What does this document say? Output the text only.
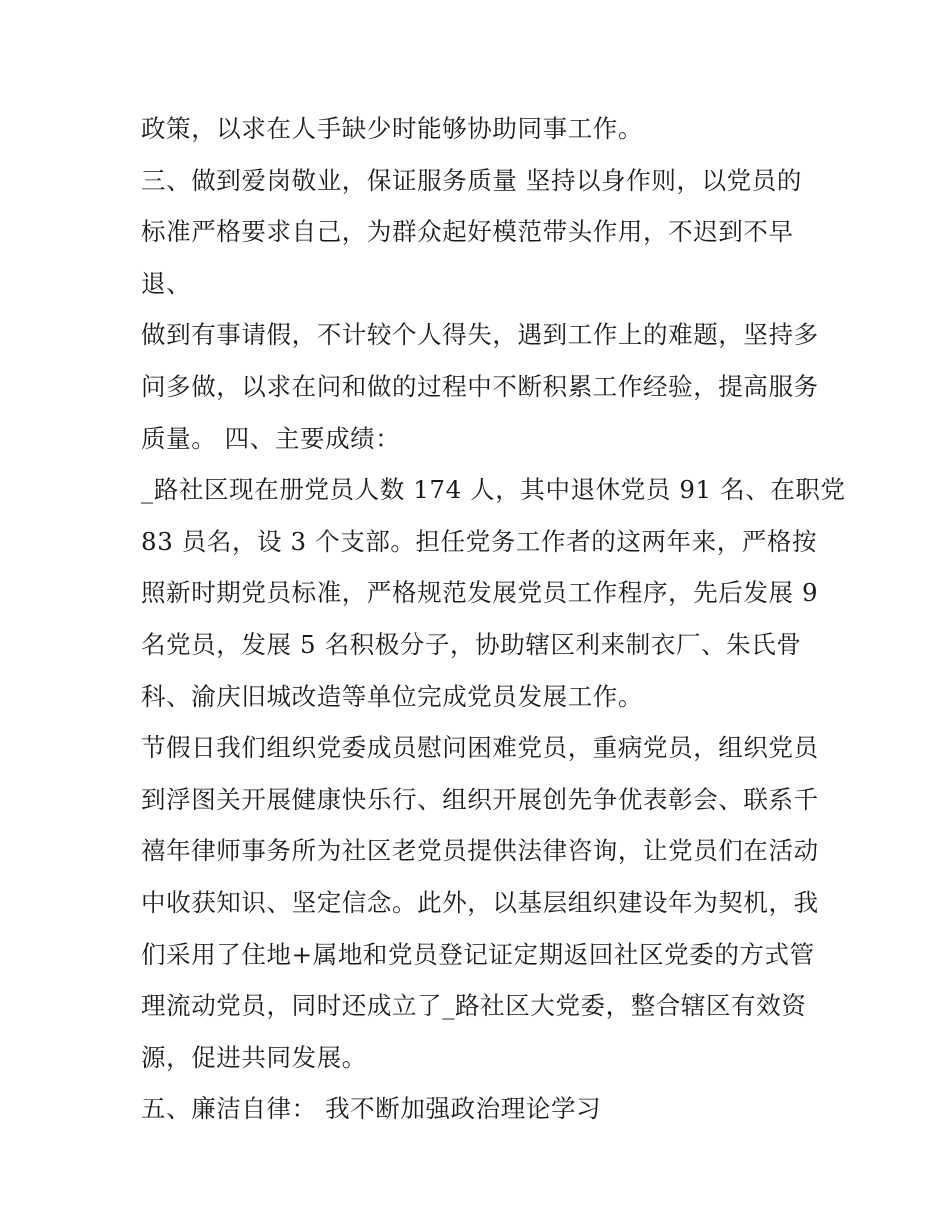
政策，以求在人手缺少时能够协助同事工作。
三、做到爱岗敬业，保证服务质量 坚持以身作则，以党员的
标准严格要求自己，为群众起好模范带头作用，不迟到不早
退、
做到有事请假，不计较个人得失，遇到工作上的难题，坚持多
问多做，以求在问和做的过程中不断积累工作经验，提高服务
质量。 四、主要成绩：
_路社区现在册党员人数 174 人，其中退休党员 91 名、在职党
83 员名，设 3 个支部。担任党务工作者的这两年来，严格按
照新时期党员标准，严格规范发展党员工作程序，先后发展 9
名党员，发展 5 名积极分子，协助辖区利来制衣厂、朱氏骨
科、渝庆旧城改造等单位完成党员发展工作。
节假日我们组织党委成员慰问困难党员，重病党员，组织党员
到浮图关开展健康快乐行、组织开展创先争优表彰会、联系千
禧年律师事务所为社区老党员提供法律咨询，让党员们在活动
中收获知识、坚定信念。此外，以基层组织建设年为契机，我
们采用了住地+属地和党员登记证定期返回社区党委的方式管
理流动党员，同时还成立了_路社区大党委，整合辖区有效资
源，促进共同发展。
五、廉洁自律： 我不断加强政治理论学习
